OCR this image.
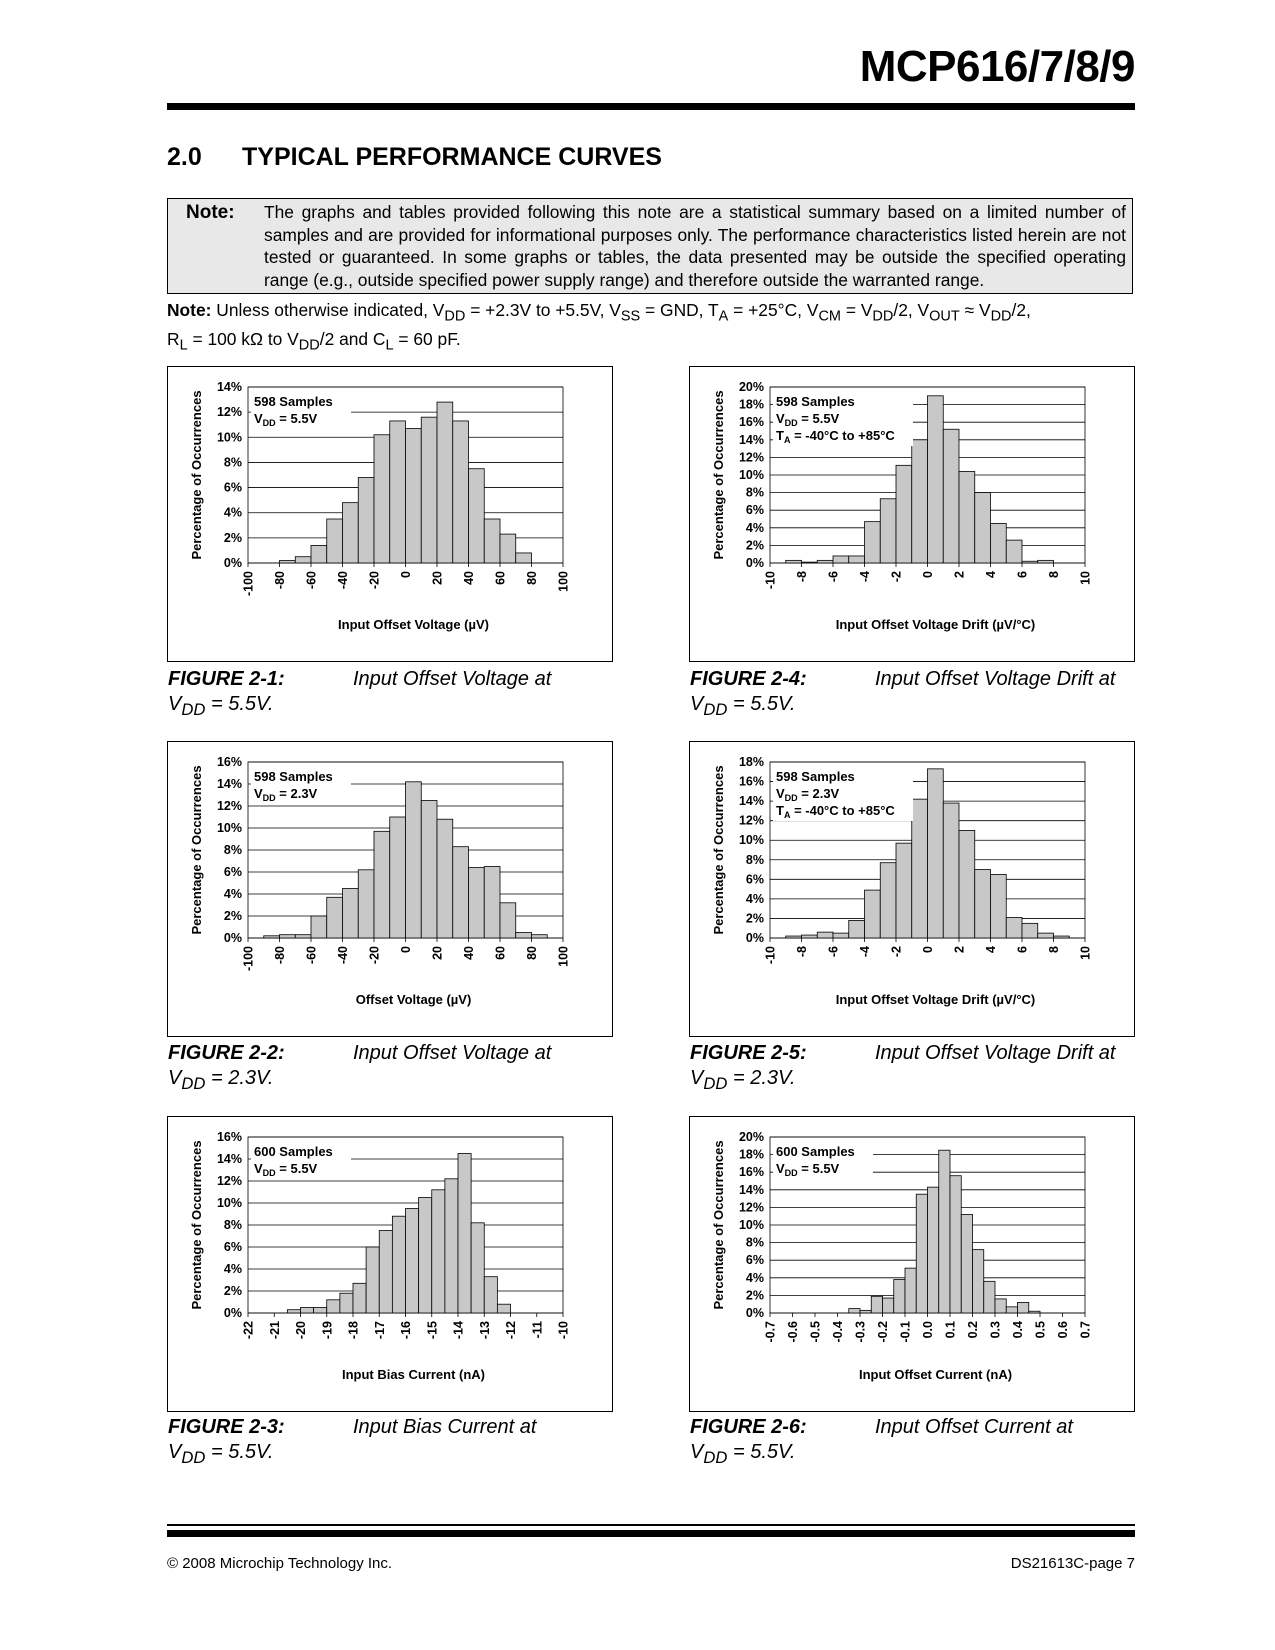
MCP616/7/8/9
2.0 TYPICAL PERFORMANCE CURVES
Note: The graphs and tables provided following this note are a statistical summary based on a limited number of samples and are provided for informational purposes only. The performance characteristics listed herein are not tested or guaranteed. In some graphs or tables, the data presented may be outside the specified operating range (e.g., outside specified power supply range) and therefore outside the warranted range.
Note: Unless otherwise indicated, $V_{DD} = +2.3V$ to +5.5V, $V_{SS}$ = GND, $T_A = +25^\circ C$, $V_{CM} = V_{DD}/2$, $V_{OUT} \approx V_{DD}/2$,
$R_L = 100$ kΩ to $V_{DD}/2$ and $C_L = 60$ pF.
0%
2%
4%
6%
8%
10%
12%
14%
-100 -80 -60 -40 -20 0 20 40 60 80 100
Input Offset Voltage (µV)
Percentage of Occurrences	598 Samples
$V_{DD} = 5.5V$
0%
2%
4%
6%
8%
10%
12%
14%
16%
-100 -80 -60 -40 -20 0 20 40 60 80 100
Offset Voltage (µV)
Percentage of Occurrences	598 Samples
$V_{DD} = 2.3V$
0%
2%
4%
6%
8%
10%
12%
14%
16%
-22 -21 -20 -19 -18 -17 -16 -15 -14 -13 -12 -11 -10
Input Bias Current (nA)
Percentage of Occurrences	600 Samples
$V_{DD} = 5.5V$
0%
2%
4%
6%
8%
10%
12%
14%
16%
18%
20%
-10 -8 -6 -4 -2 0 2 4 6 8 10
Input Offset Voltage Drift (µV/°C)
Percentage of Occurrences	598 Samples
$V_{DD} = 5.5V$
$T_A = -40^\circ C$ to +85°C
0%
2%
4%
6%
8%
10%
12%
14%
16%
18%
-10 -8 -6 -4 -2 0 2 4 6 8 10
Input Offset Voltage Drift (µV/°C)
Percentage of Occurrences	598 Samples
$V_{DD} = 2.3V$
$T_A = -40^\circ C$ to +85°C
0%
2%
4%
6%
8%
10%
12%
14%
16%
18%
20%
-0.7 -0.6 -0.5 -0.4 -0.3 -0.2 -0.1 0.0 0.1 0.2 0.3 0.4 0.5 0.6 0.7
Input Offset Current (nA)
Percentage of Occurrences	600 Samples
$V_{DD} = 5.5V$
FIGURE 2-1:	Input Offset Voltage at
$V_{DD} = 5.5V$.
FIGURE 2-2:	Input Offset Voltage at
$V_{DD} = 2.3V$.
FIGURE 2-3:	Input Bias Current at
$V_{DD} = 5.5V$.
FIGURE 2-4:	Input Offset Voltage Drift at
$V_{DD} = 5.5V$.
FIGURE 2-5:	Input Offset Voltage Drift at
$V_{DD} = 2.3V$.
FIGURE 2-6:	Input Offset Current at
$V_{DD} = 5.5V$.
© 2008 Microchip Technology Inc.	DS21613C-page 7
